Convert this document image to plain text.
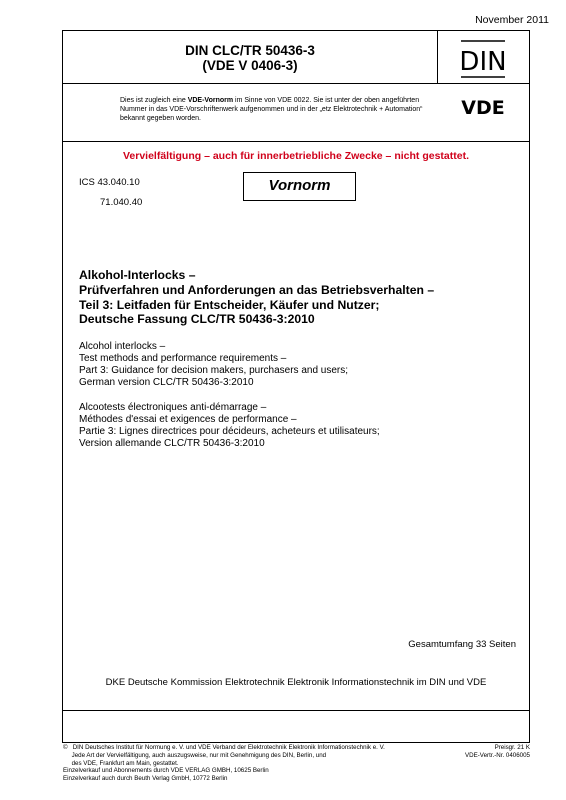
November 2011
DIN CLC/TR 50436-3
(VDE V 0406-3)	DIN
Dies ist zugleich eine VDE-Vornorm im Sinne von VDE 0022. Sie ist unter der oben angeführten Nummer in das VDE-Vorschriftenwerk aufgenommen und in der „etz Elektrotechnik + Automation“ bekannt gegeben worden.	VDE
Vervielfältigung – auch für innerbetriebliche Zwecke – nicht gestattet.
ICS 43.040.10
71.040.40
Vornorm
Alkohol-Interlocks –
Prüfverfahren und Anforderungen an das Betriebsverhalten –
Teil 3: Leitfaden für Entscheider, Käufer und Nutzer;
Deutsche Fassung CLC/TR 50436-3:2010
Alcohol interlocks –
Test methods and performance requirements –
Part 3: Guidance for decision makers, purchasers and users;
German version CLC/TR 50436-3:2010
Alcootests électroniques anti-démarrage –
Méthodes d'essai et exigences de performance –
Partie 3: Lignes directrices pour décideurs, acheteurs et utilisateurs;
Version allemande CLC/TR 50436-3:2010
Gesamtumfang 33 Seiten
DKE Deutsche Kommission Elektrotechnik Elektronik Informationstechnik im DIN und VDE
©   DIN Deutsches Institut für Normung e. V. und VDE Verband der Elektrotechnik Elektronik Informationstechnik e. V.
Jede Art der Vervielfältigung, auch auszugsweise, nur mit Genehmigung des DIN, Berlin, und
des VDE, Frankfurt am Main, gestattet.
Einzelverkauf und Abonnements durch VDE VERLAG GMBH, 10625 Berlin
Einzelverkauf auch durch Beuth Verlag GmbH, 10772 Berlin
Preisgr. 21 K
VDE-Vertr.-Nr. 0406005
